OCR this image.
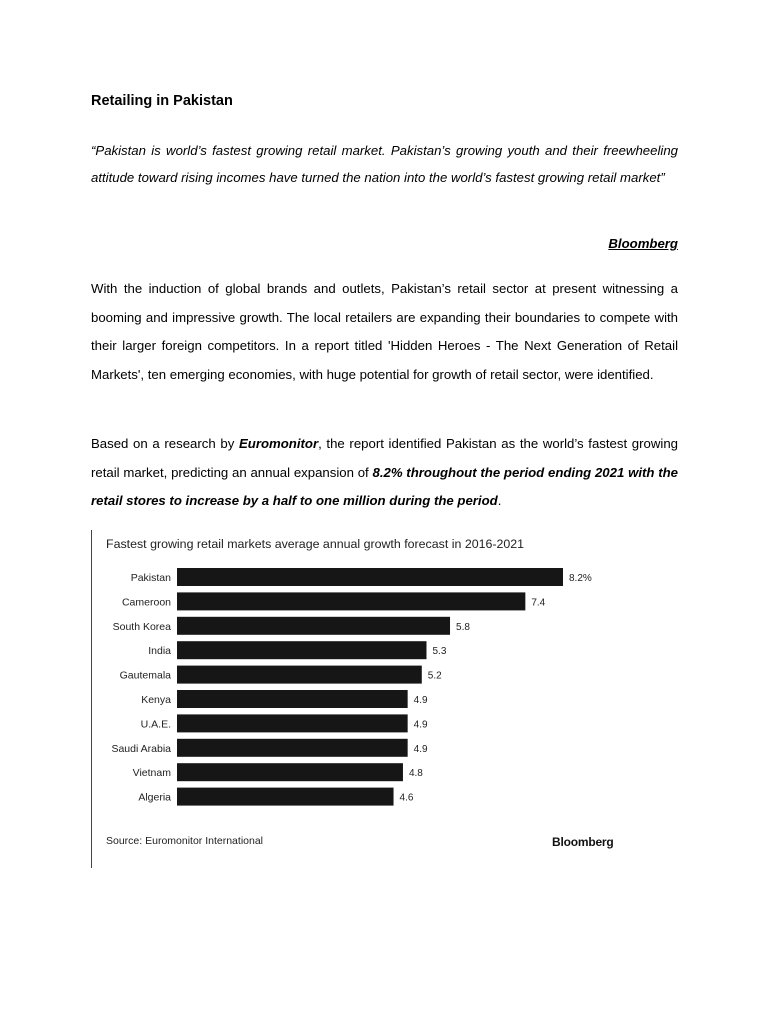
Retailing in Pakistan

“Pakistan is world’s fastest growing retail market. Pakistan’s growing youth and their freewheeling attitude toward rising incomes have turned the nation into the world’s fastest growing retail market”

Bloomberg

With the induction of global brands and outlets, Pakistan’s retail sector at present witnessing a booming and impressive growth. The local retailers are expanding their boundaries to compete with their larger foreign competitors. In a report titled 'Hidden Heroes - The Next Generation of Retail Markets', ten emerging economies, with huge potential for growth of retail sector, were identified.

Based on a research by Euromonitor, the report identified Pakistan as the world’s fastest growing retail market, predicting an annual expansion of 8.2% throughout the period ending 2021 with the retail stores to increase by a half to one million during the period.

Fastest growing retail markets average annual growth forecast in 2016-2021
Pakistan	8.2%
Cameroon	7.4
South Korea	5.8
India	5.3
Gautemala	5.2
Kenya	4.9
U.A.E.	4.9
Saudi Arabia	4.9
Vietnam	4.8
Algeria	4.6
Source: Euromonitor International	Bloomberg
